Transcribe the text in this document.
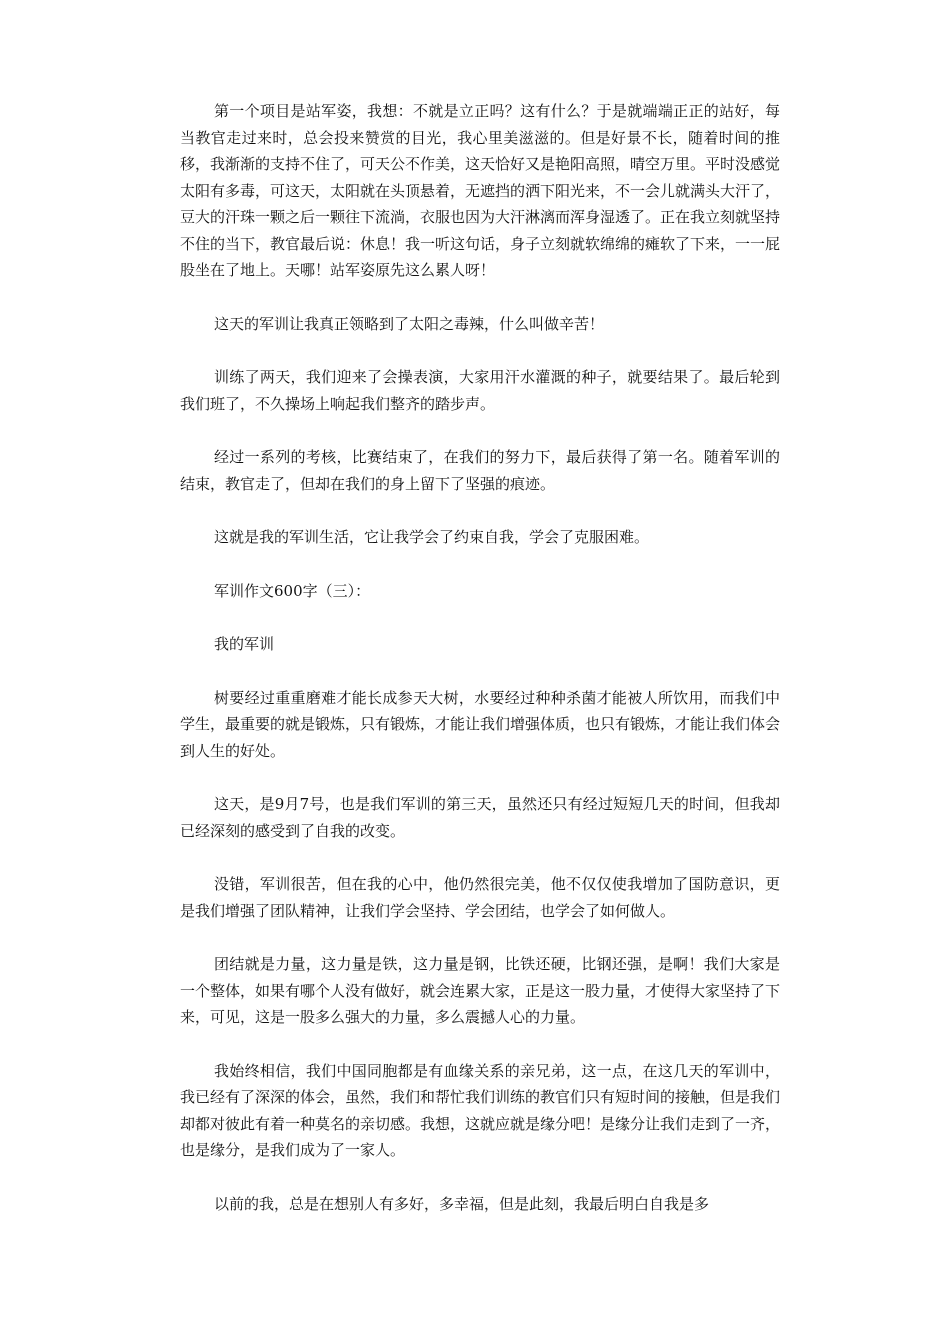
第一个项目是站军姿，我想：不就是立正吗？这有什么？于是就端端正正的站好，每当教官走过来时，总会投来赞赏的目光，我心里美滋滋的。但是好景不长，随着时间的推移，我渐渐的支持不住了，可天公不作美，这天恰好又是艳阳高照，晴空万里。平时没感觉太阳有多毒，可这天，太阳就在头顶悬着，无遮挡的洒下阳光来，不一会儿就满头大汗了，豆大的汗珠一颗之后一颗往下流淌，衣服也因为大汗淋漓而浑身湿透了。正在我立刻就坚持不住的当下，教官最后说：休息！我一听这句话，身子立刻就软绵绵的瘫软了下来，一一屁股坐在了地上。天哪！站军姿原先这么累人呀！

这天的军训让我真正领略到了太阳之毒辣，什么叫做辛苦！

训练了两天，我们迎来了会操表演，大家用汗水灌溉的种子，就要结果了。最后轮到我们班了，不久操场上响起我们整齐的踏步声。

经过一系列的考核，比赛结束了，在我们的努力下，最后获得了第一名。随着军训的结束，教官走了，但却在我们的身上留下了坚强的痕迹。

这就是我的军训生活，它让我学会了约束自我，学会了克服困难。

军训作文600字（三）：

我的军训

树要经过重重磨难才能长成参天大树，水要经过种种杀菌才能被人所饮用，而我们中学生，最重要的就是锻炼，只有锻炼，才能让我们增强体质，也只有锻炼，才能让我们体会到人生的好处。

这天，是9月7号，也是我们军训的第三天，虽然还只有经过短短几天的时间，但我却已经深刻的感受到了自我的改变。

没错，军训很苦，但在我的心中，他仍然很完美，他不仅仅使我增加了国防意识，更是我们增强了团队精神，让我们学会坚持、学会团结，也学会了如何做人。

团结就是力量，这力量是铁，这力量是钢，比铁还硬，比钢还强，是啊！我们大家是一个整体，如果有哪个人没有做好，就会连累大家，正是这一股力量，才使得大家坚持了下来，可见，这是一股多么强大的力量，多么震撼人心的力量。

我始终相信，我们中国同胞都是有血缘关系的亲兄弟，这一点，在这几天的军训中，我已经有了深深的体会，虽然，我们和帮忙我们训练的教官们只有短时间的接触，但是我们却都对彼此有着一种莫名的亲切感。我想，这就应就是缘分吧！是缘分让我们走到了一齐，也是缘分，是我们成为了一家人。

以前的我，总是在想别人有多好，多幸福，但是此刻，我最后明白自我是多
